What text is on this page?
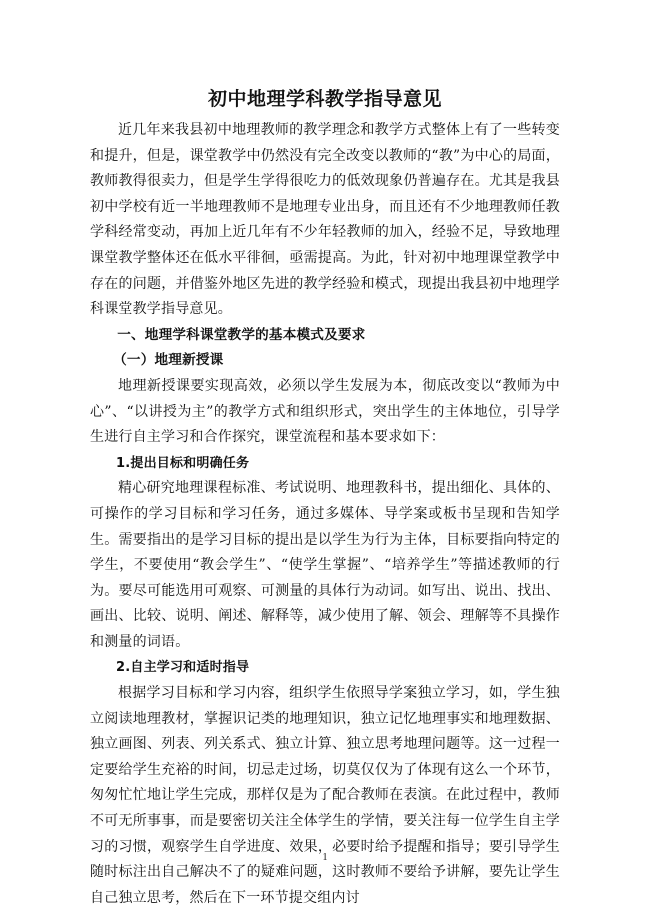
初中地理学科教学指导意见

近几年来我县初中地理教师的教学理念和教学方式整体上有了一些转变和提升，但是，课堂教学中仍然没有完全改变以教师的“教”为中心的局面，教师教得很卖力，但是学生学得很吃力的低效现象仍普遍存在。尤其是我县初中学校有近一半地理教师不是地理专业出身，而且还有不少地理教师任教学科经常变动，再加上近几年有不少年轻教师的加入，经验不足，导致地理课堂教学整体还在低水平徘徊，亟需提高。为此，针对初中地理课堂教学中存在的问题，并借鉴外地区先进的教学经验和模式，现提出我县初中地理学科课堂教学指导意见。

一、地理学科课堂教学的基本模式及要求

（一）地理新授课

地理新授课要实现高效，必须以学生发展为本，彻底改变以“教师为中心”、“以讲授为主”的教学方式和组织形式，突出学生的主体地位，引导学生进行自主学习和合作探究，课堂流程和基本要求如下：

1.提出目标和明确任务

精心研究地理课程标准、考试说明、地理教科书，提出细化、具体的、可操作的学习目标和学习任务，通过多媒体、导学案或板书呈现和告知学生。需要指出的是学习目标的提出是以学生为行为主体，目标要指向特定的学生，不要使用“教会学生”、“使学生掌握”、“培养学生”等描述教师的行为。要尽可能选用可观察、可测量的具体行为动词。如写出、说出、找出、画出、比较、说明、阐述、解释等，减少使用了解、领会、理解等不具操作和测量的词语。

2.自主学习和适时指导

根据学习目标和学习内容，组织学生依照导学案独立学习，如，学生独立阅读地理教材，掌握识记类的地理知识，独立记忆地理事实和地理数据、独立画图、列表、列关系式、独立计算、独立思考地理问题等。这一过程一定要给学生充裕的时间，切忌走过场，切莫仅仅为了体现有这么一个环节，匆匆忙忙地让学生完成，那样仅是为了配合教师在表演。在此过程中，教师不可无所事事，而是要密切关注全体学生的学情，要关注每一位学生自主学习的习惯，观察学生自学进度、效果，必要时给予提醒和指导；要引导学生随时标注出自己解决不了的疑难问题，这时教师不要给予讲解，要先让学生自己独立思考，然后在下一环节提交组内讨

1
